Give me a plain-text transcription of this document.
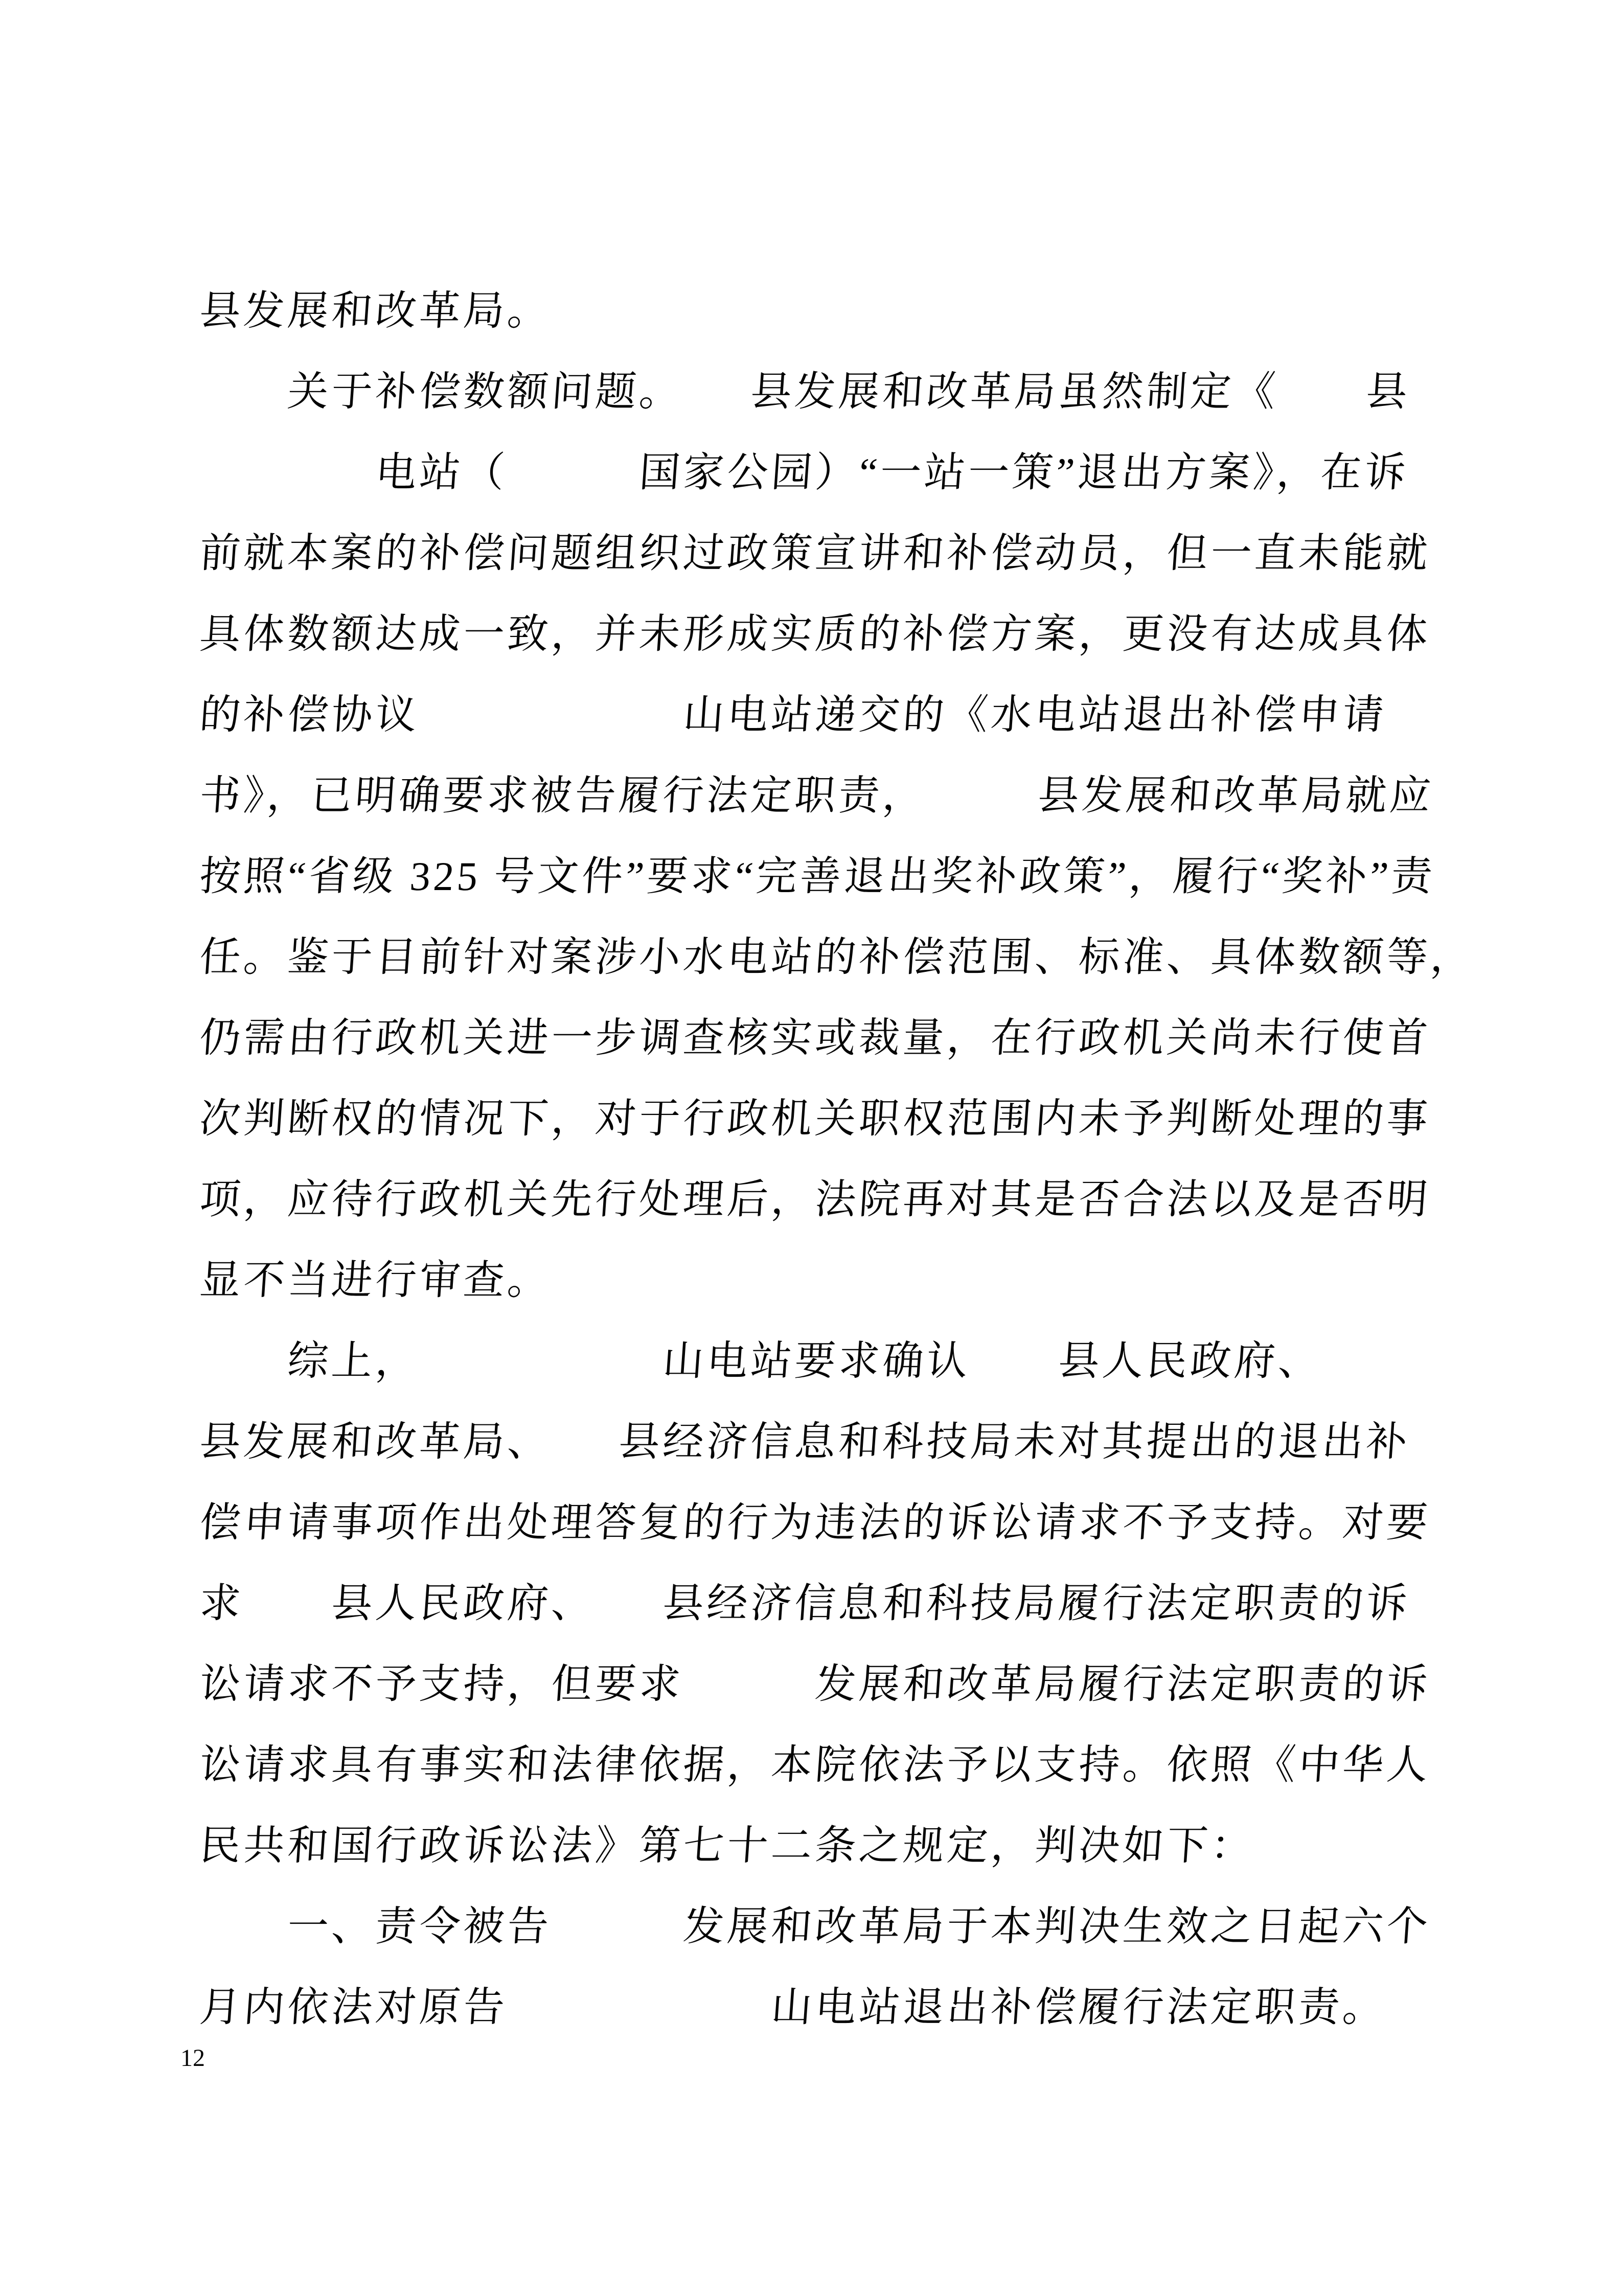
县发展和改革局。
　　关于补偿数额问题。　　县发展和改革局虽然制定《　　县
　　　　电站（　　　国家公园）“一站一策”退出方案》，在诉
前就本案的补偿问题组织过政策宣讲和补偿动员，但一直未能就
具体数额达成一致，并未形成实质的补偿方案，更没有达成具体
的补偿协议　　　　　　山电站递交的《水电站退出补偿申请
书》，已明确要求被告履行法定职责，　　　县发展和改革局就应
按照“省级 325 号文件”要求“完善退出奖补政策”，履行“奖补”责
任。鉴于目前针对案涉小水电站的补偿范围、标准、具体数额等，
仍需由行政机关进一步调查核实或裁量，在行政机关尚未行使首
次判断权的情况下，对于行政机关职权范围内未予判断处理的事
项，应待行政机关先行处理后，法院再对其是否合法以及是否明
显不当进行审查。
　　综上，　　　　　　山电站要求确认　　县人民政府、
县发展和改革局、　　县经济信息和科技局未对其提出的退出补
偿申请事项作出处理答复的行为违法的诉讼请求不予支持。对要
求　　县人民政府、　　县经济信息和科技局履行法定职责的诉
讼请求不予支持，但要求　　　发展和改革局履行法定职责的诉
讼请求具有事实和法律依据，本院依法予以支持。依照《中华人
民共和国行政诉讼法》第七十二条之规定，判决如下：
　　一、责令被告　　　发展和改革局于本判决生效之日起六个
月内依法对原告　　　　　　山电站退出补偿履行法定职责。
12
